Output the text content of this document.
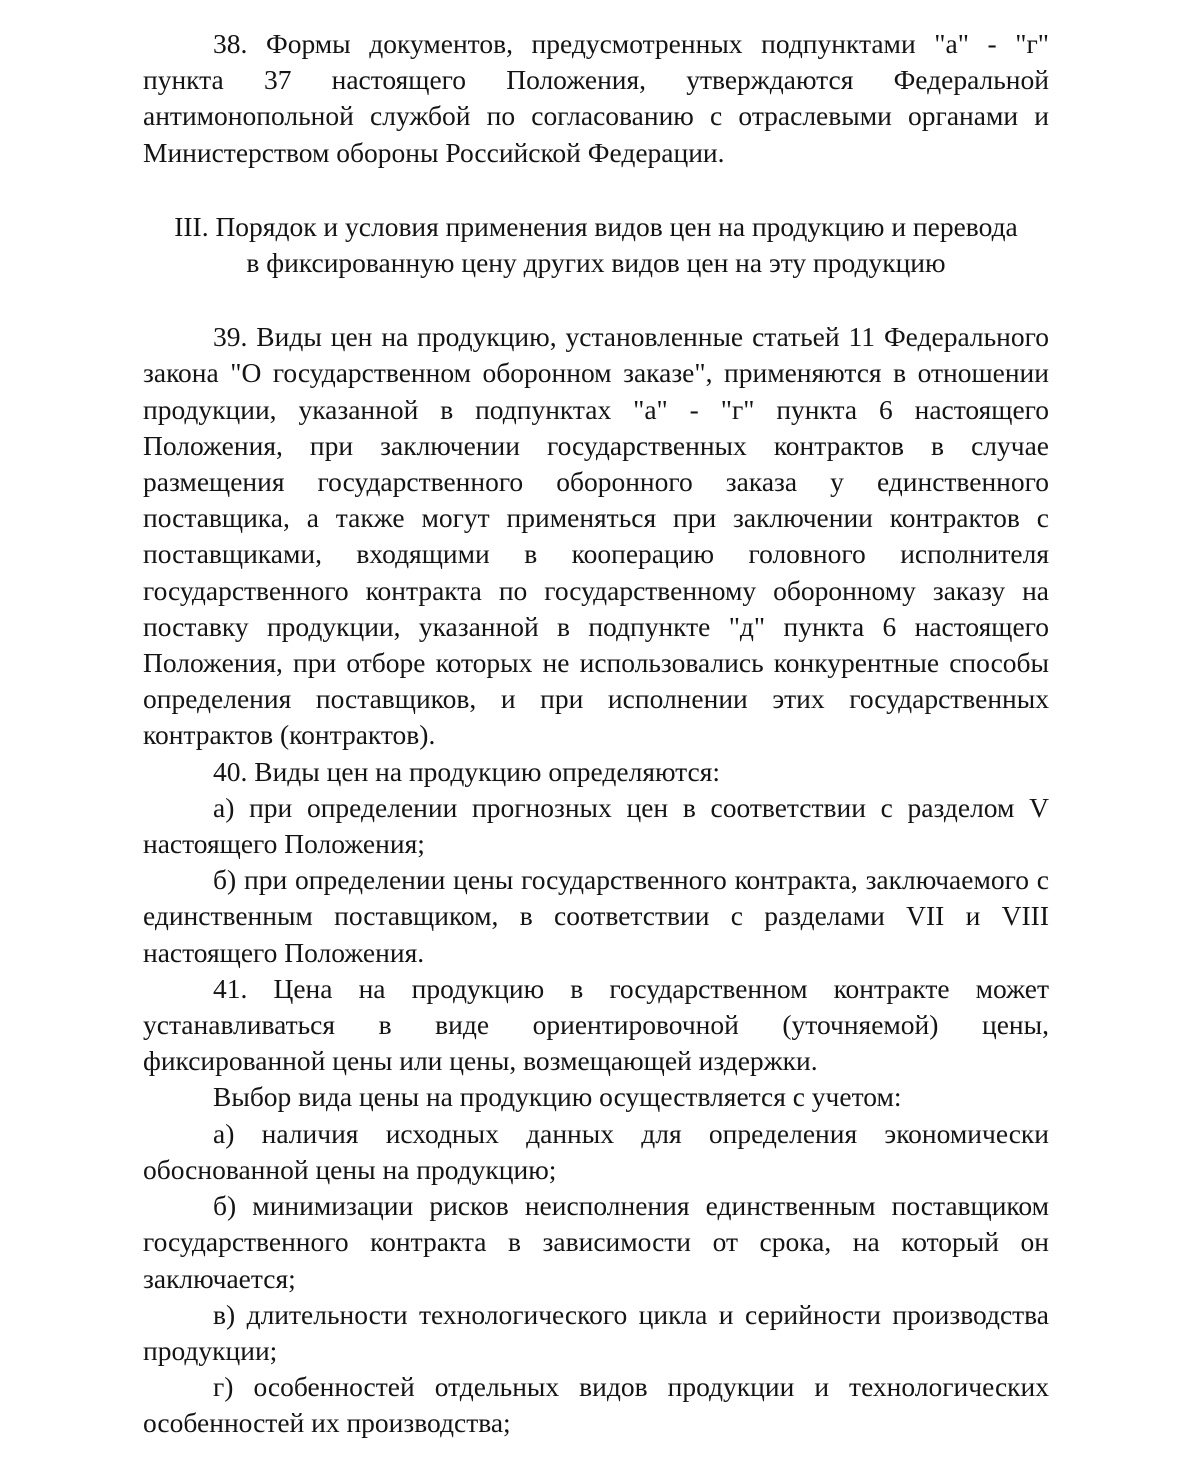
38. Формы документов, предусмотренных подпунктами "а" - "г" пункта 37 настоящего Положения, утверждаются Федеральной антимонопольной службой по согласованию с отраслевыми органами и Министерством обороны Российской Федерации.

III. Порядок и условия применения видов цен на продукцию и перевода
в фиксированную цену других видов цен на эту продукцию

39. Виды цен на продукцию, установленные статьей 11 Федерального закона "О государственном оборонном заказе", применяются в отношении продукции, указанной в подпунктах "а" - "г" пункта 6 настоящего Положения, при заключении государственных контрактов в случае размещения государственного оборонного заказа у единственного поставщика, а также могут применяться при заключении контрактов с поставщиками, входящими в кооперацию головного исполнителя государственного контракта по государственному оборонному заказу на поставку продукции, указанной в подпункте "д" пункта 6 настоящего Положения, при отборе которых не использовались конкурентные способы определения поставщиков, и при исполнении этих государственных контрактов (контрактов).

40. Виды цен на продукцию определяются:

а) при определении прогнозных цен в соответствии с разделом V настоящего Положения;

б) при определении цены государственного контракта, заключаемого с единственным поставщиком, в соответствии с разделами VII и VIII настоящего Положения.

41. Цена на продукцию в государственном контракте может устанавливаться в виде ориентировочной (уточняемой) цены, фиксированной цены или цены, возмещающей издержки.

Выбор вида цены на продукцию осуществляется с учетом:

а) наличия исходных данных для определения экономически обоснованной цены на продукцию;

б) минимизации рисков неисполнения единственным поставщиком государственного контракта в зависимости от срока, на который он заключается;

в) длительности технологического цикла и серийности производства продукции;

г) особенностей отдельных видов продукции и технологических особенностей их производства;
